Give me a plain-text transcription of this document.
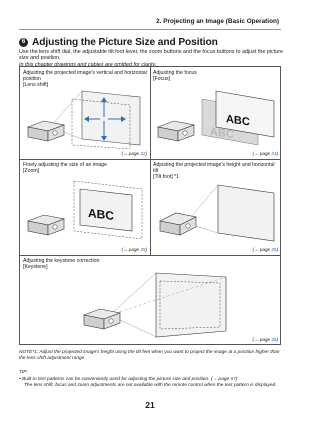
2. Projecting an Image (Basic Operation)
6 Adjusting the Picture Size and Position
Use the lens shift dial, the adjustable tilt foot lever, the zoom buttons and the focus buttons to adjust the picture size and position.
In this chapter drawings and cables are omitted for clarity.
Adjusting the projected image's vertical and horizontal position
[Lens shift]
(→ page 22)
Adjusting the focus
[Focus]
ABC
ABC
(→ page 24)
Finely adjusting the size of an image
[Zoom]
ABC
(→ page 25)
Adjusting the projected image's height and horizontal tilt
[Tilt foot] *1
(→ page 25)
Adjusting the keystone correction
[Keystone]
(→ page 26)
NOTE*1: Adjust the projected image's height using the tilt feet when you want to project the image at a position higher than the lens shift adjustment range.
TIP:
• Built-in test patterns can be conveniently used for adjusting the picture size and position. (→ page 87)
The lens shift, focus and zoom adjustments are not available with the remote control when the test pattern is displayed.
21
